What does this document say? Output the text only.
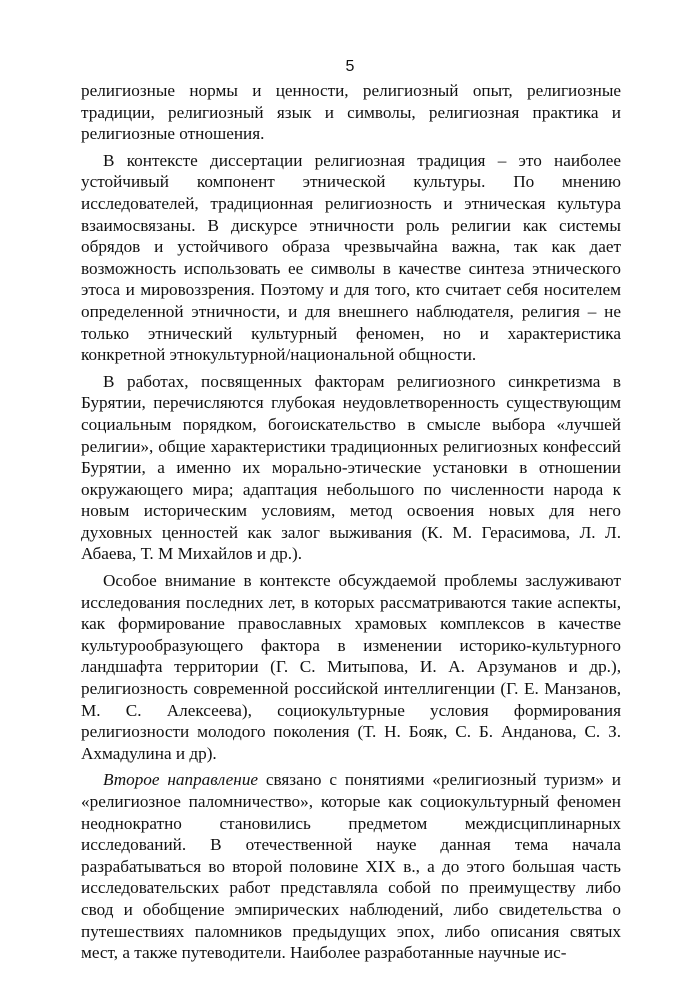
5

религиозные нормы и ценности, религиозный опыт, религиозные традиции, религиозный язык и символы, религиозная практика и религиозные отношения.

В контексте диссертации религиозная традиция – это наиболее устойчивый компонент этнической культуры. По мнению исследователей, традиционная религиозность и этническая культура взаимосвязаны. В дискурсе этничности роль религии как системы обрядов и устойчивого образа чрезвычайна важна, так как дает возможность использовать ее символы в качестве синтеза этнического этоса и мировоззрения. Поэтому и для того, кто считает себя носителем определенной этничности, и для внешнего наблюдателя, религия – не только этнический культурный феномен, но и характеристика конкретной этнокультурной/национальной общности.

В работах, посвященных факторам религиозного синкретизма в Бурятии, перечисляются глубокая неудовлетворенность существующим социальным порядком, богоискательство в смысле выбора «лучшей религии», общие характеристики традиционных религиозных конфессий Бурятии, а именно их морально-этические установки в отношении окружающего мира; адаптация небольшого по численности народа к новым историческим условиям, метод освоения новых для него духовных ценностей как залог выживания (К. М. Герасимова, Л. Л. Абаева, Т. М Михайлов и др.).

Особое внимание в контексте обсуждаемой проблемы заслуживают исследования последних лет, в которых рассматриваются такие аспекты, как формирование православных храмовых комплексов в качестве культурообразующего фактора в изменении историко-культурного ландшафта территории (Г. С. Митыпова, И. А. Арзуманов и др.), религиозность современной российской интеллигенции (Г. Е. Манзанов, М. С. Алексеева), социокультурные условия формирования религиозности молодого поколения (Т. Н. Бояк, С. Б. Анданова, С. З. Ахмадулина и др).

Второе направление связано с понятиями «религиозный туризм» и «религиозное паломничество», которые как социокультурный феномен неоднократно становились предметом междисциплинарных исследований. В отечественной науке данная тема начала разрабатываться во второй половине XIX в., а до этого большая часть исследовательских работ представляла собой по преимуществу либо свод и обобщение эмпирических наблюдений, либо свидетельства о путешествиях паломников предыдущих эпох, либо описания святых мест, а также путеводители. Наиболее разработанные научные ис-
